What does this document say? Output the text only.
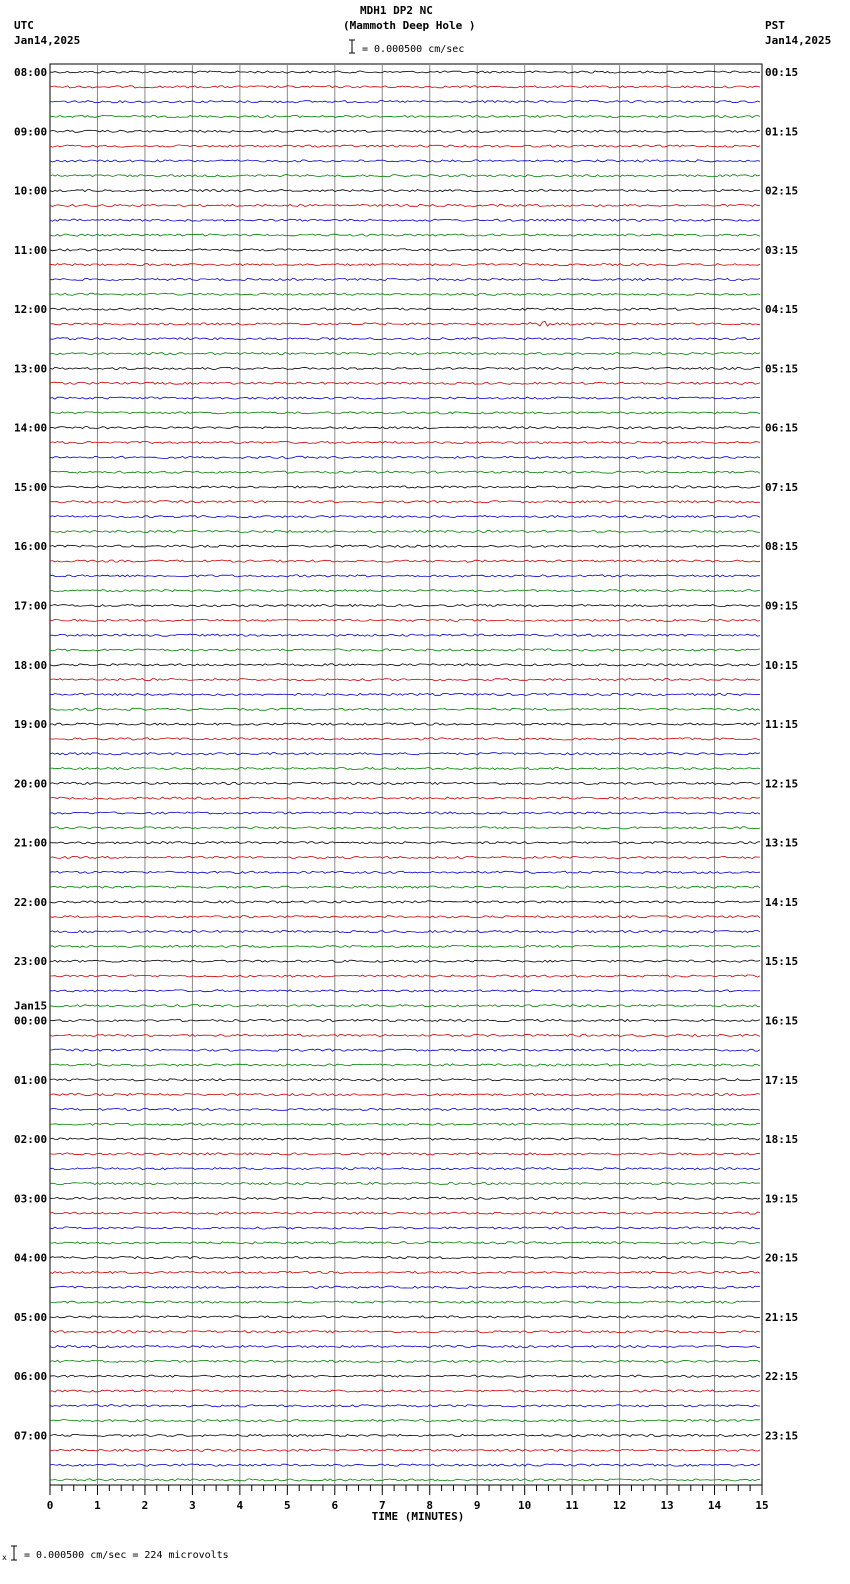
MDH1 DP2 NC
(Mammoth Deep Hole )
UTC
Jan14,2025
PST
Jan14,2025
= 0.000500 cm/sec
x = 0.000500 cm/sec = 224 microvolts
0	1	2	3	4	5	6	7	8	9	10	11	12	13	14	15
TIME (MINUTES)
08:00	00:15
09:00	01:15
10:00	02:15
11:00	03:15
12:00	04:15
13:00	05:15
14:00	06:15
15:00	07:15
16:00	08:15
17:00	09:15
18:00	10:15
19:00	11:15
20:00	12:15
21:00	13:15
22:00	14:15
23:00	15:15
00:00	16:15
01:00	17:15
02:00	18:15
03:00	19:15
04:00	20:15
05:00	21:15
06:00	22:15
07:00	23:15
Jan15
